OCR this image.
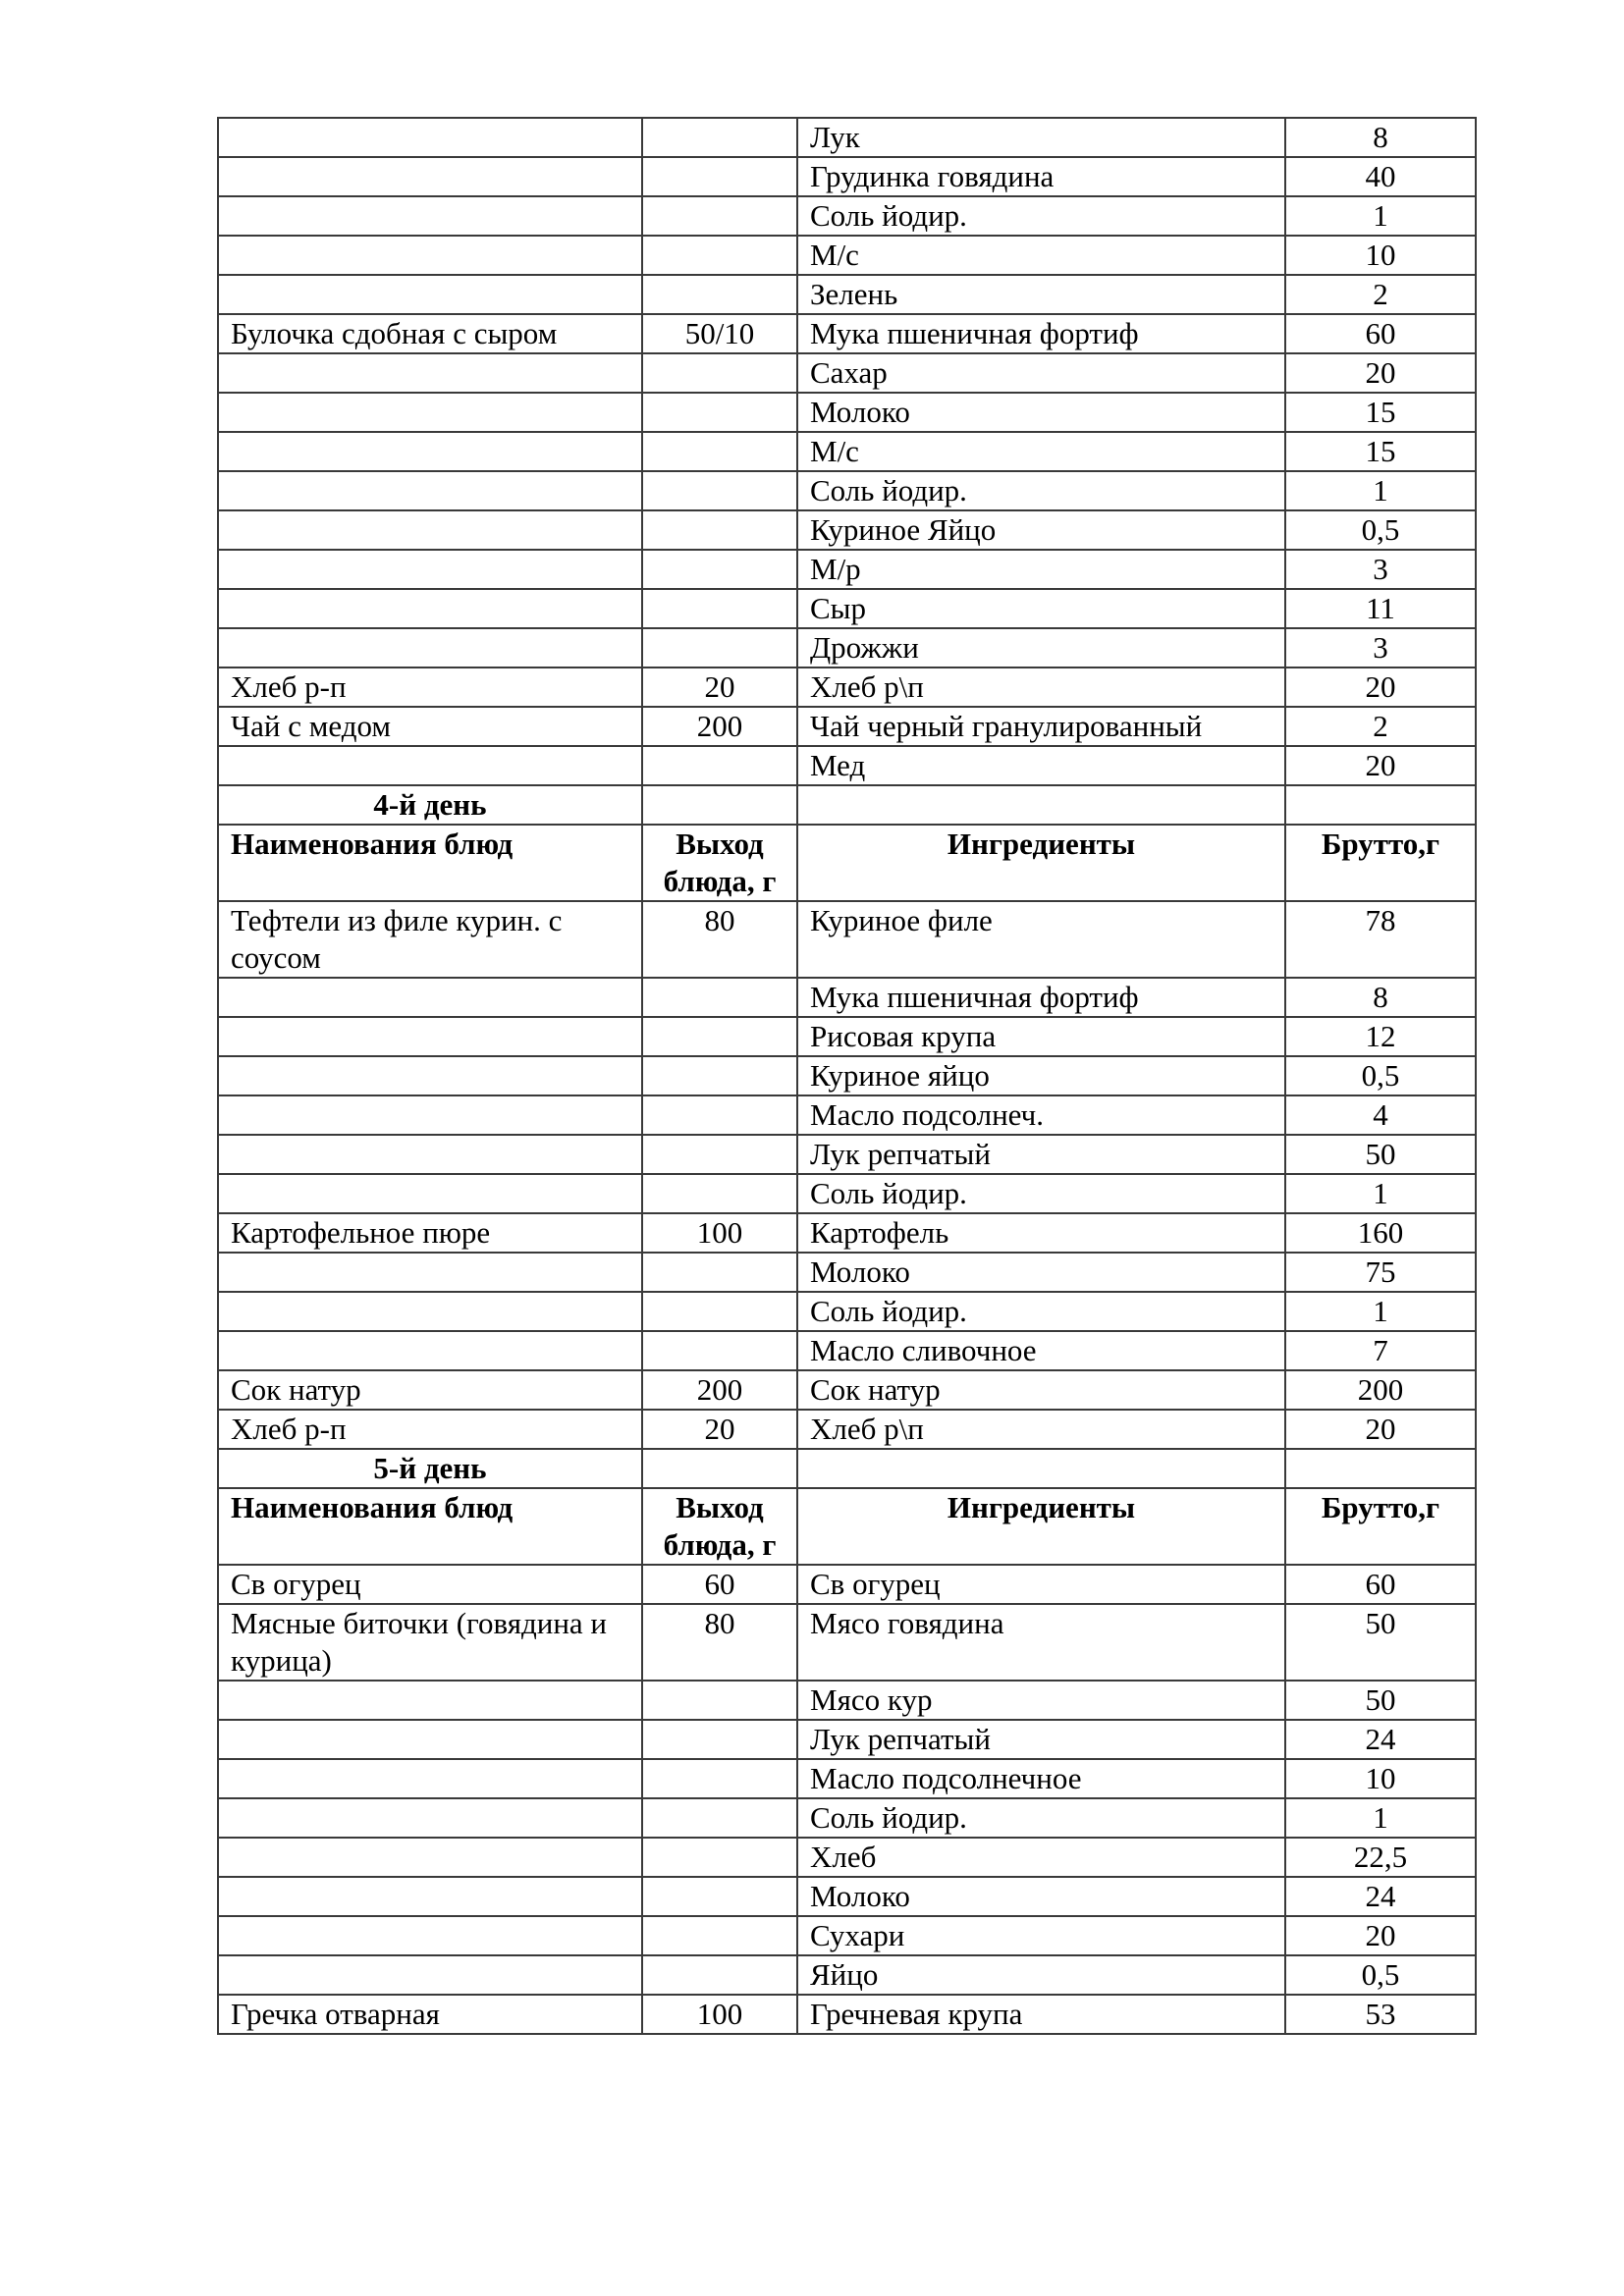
		Лук	8
		Грудинка говядина	40
		Соль йодир.	1
		М/с	10
		Зелень	2
Булочка сдобная с сыром	50/10	Мука пшеничная фортиф	60
		Сахар	20
		Молоко	15
		М/с	15
		Соль йодир.	1
		Куриное Яйцо	0,5
		М/р	3
		Сыр	11
		Дрожжи	3
Хлеб р-п	20	Хлеб р\п	20
Чай с медом	200	Чай черный гранулированный	2
		Мед	20
4-й день			
Наименования блюд	Выход блюда, г	Ингредиенты	Брутто,г
Тефтели из филе курин. с соусом	80	Куриное филе	78
		Мука пшеничная фортиф	8
		Рисовая крупа	12
		Куриное яйцо	0,5
		Масло подсолнеч.	4
		Лук репчатый	50
		Соль йодир.	1
Картофельное пюре	100	Картофель	160
		Молоко	75
		Соль йодир.	1
		Масло сливочное	7
Сок натур	200	Сок натур	200
Хлеб р-п	20	Хлеб р\п	20
5-й день			
Наименования блюд	Выход блюда, г	Ингредиенты	Брутто,г
Св огурец	60	Св огурец	60
Мясные биточки (говядина и курица)	80	Мясо говядина	50
		Мясо кур	50
		Лук репчатый	24
		Масло подсолнечное	10
		Соль йодир.	1
		Хлеб	22,5
		Молоко	24
		Сухари	20
		Яйцо	0,5
Гречка отварная	100	Гречневая крупа	53
